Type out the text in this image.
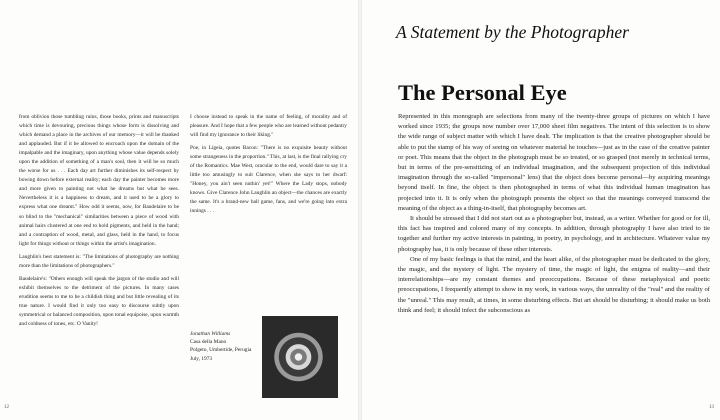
from oblivion those tumbling ruins, those books, prints and manuscripts which time is devouring, precious things whose form is dissolving and which demand a place in the archives of our memory—it will be thanked and applauded. But if it be allowed to encroach upon the domain of the impalpable and the imaginary, upon anything whose value depends solely upon the addition of something of a man's soul, then it will be so much the worse for us . . . Each day art further diminishes its self-respect by bowing down before external reality; each day the painter becomes more and more given to painting not what he dreams but what he sees. Nevertheless it is a happiness to dream, and it used to be a glory to express what one dreamt." How odd it seems, now, for Baudelaire to be so blind to the "mechanical" similarities between a piece of wood with animal hairs clustered at one end to hold pigments, and held in the hand; and a contraption of wood, metal, and glass, held in the hand, to focus light for things without or things within the artist's imagination.

Laughlin's best statement is: "The limitations of photography are nothing more than the limitations of photographers."

Baudelaire's: "Others enough will speak the jargon of the studio and will exhibit themselves to the detriment of the pictures. In many cases erudition seems to me to be a childish thing and but little revealing of its true nature. I would find it only too easy to discourse subtly upon symmetrical or balanced composition, upon tonal equipoise, upon warmth and coldness of tones, etc. O Vanity!

I choose instead to speak in the name of feeling, of morality and of pleasure. And I hope that a few people who are learned without pedantry will find my ignorance to their liking."

Poe, in Ligeia, quotes Bacon: "There is no exquisite beauty without some strangeness in the proportion." This, at last, is the final rallying cry of the Romantics. Mae West, oracular to the end, would dare to say it a little too amusingly to suit Clarence, when she says to her dwarf: "Honey, you ain't seen nuthin' yet!" Where the Lady stops, nobody knows. Give Clarence John Laughlin an object—the chances are exactly the same. It's a brand-new ball game, fans, and we're going into extra innings . . .

Jonathan Williams
Casa della Mano
Polgeto, Umbertide, Perugia
July, 1973
12
A Statement by the Photographer
The Personal Eye

Represented in this monograph are selections from many of the twenty-three groups of pictures on which I have worked since 1935; the groups now number over 17,000 sheet film negatives. The intent of this selection is to show the wide range of subject matter with which I have dealt. The implication is that the creative photographer should be able to put the stamp of his way of seeing on whatever material he touches—just as in the case of the creative painter or poet. This means that the object in the photograph must be so treated, or so grasped (not merely in technical terms, but in terms of the pre-sensitizing of an individual imagination, and the subsequent projection of this individual imagination through the so-called "impersonal" lens) that the object does become personal—by acquiring meanings beyond itself. In fine, the object is then photographed in terms of what this individual human imagination has projected into it. It is only when the photograph presents the object so that the meanings conveyed transcend the meaning of the object as a thing-in-itself, that photography becomes art.

It should be stressed that I did not start out as a photographer but, instead, as a writer. Whether for good or for ill, this fact has inspired and colored many of my concepts. In addition, through photography I have also tried to tie together and further my active interests in painting, in poetry, in psychology, and in architecture. Whatever value my photography has, it is only because of these other interests.

One of my basic feelings is that the mind, and the heart alike, of the photographer must be dedicated to the glory, the magic, and the mystery of light. The mystery of time, the magic of light, the enigma of reality—and their interrelationships—are my constant themes and preoccupations. Because of these metaphysical and poetic preoccupations, I frequently attempt to show in my work, in various ways, the unreality of the "real" and the reality of the "unreal." This may result, at times, in some disturbing effects. But art should be disturbing; it should make us both think and feel; it should infect the subconscious as

13
